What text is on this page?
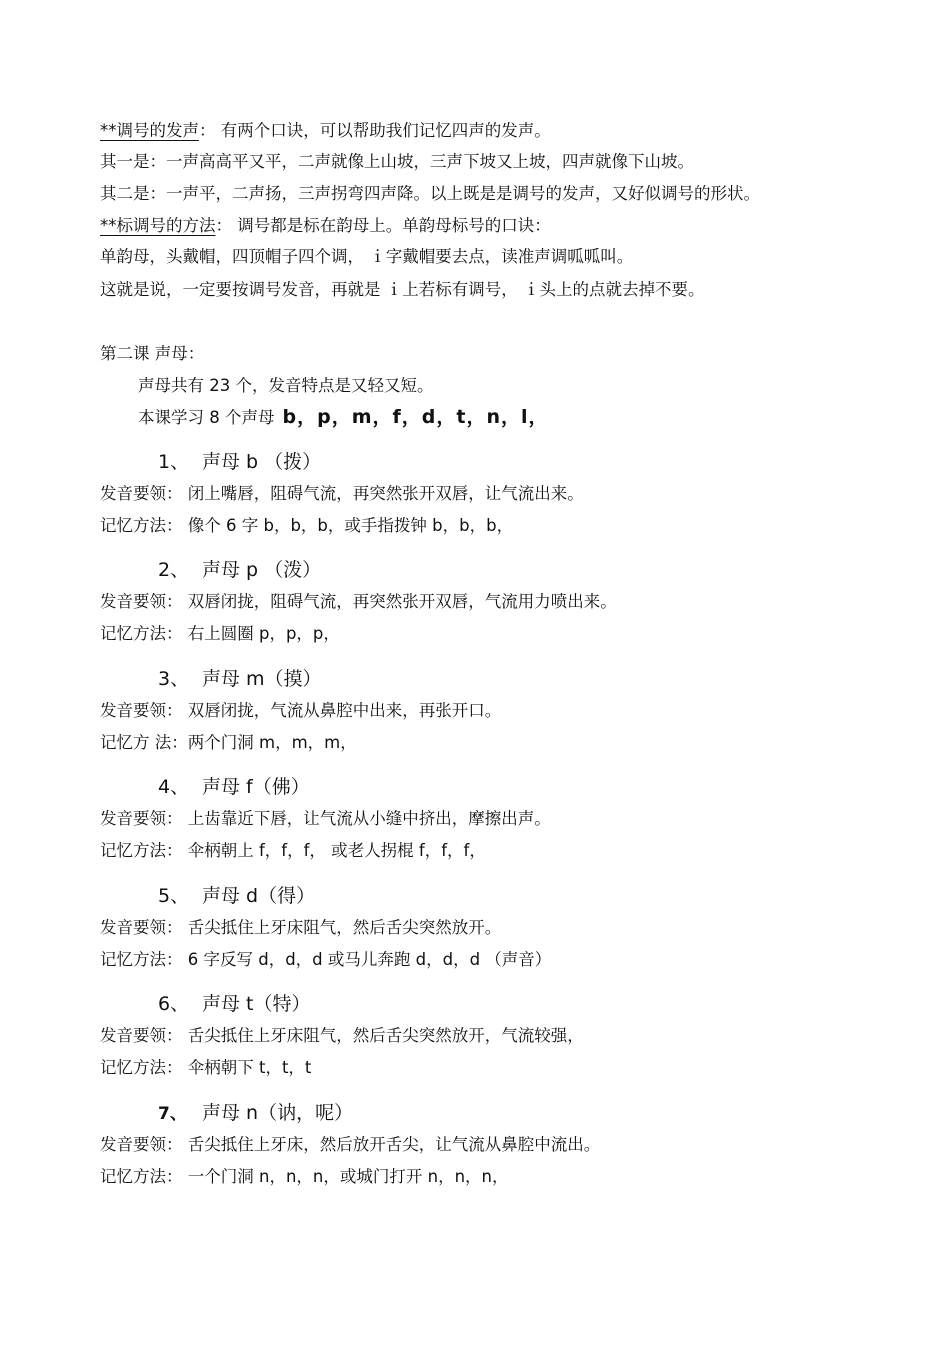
**调号的发声： 有两个口诀，可以帮助我们记忆四声的发声。
其一是：一声高高平又平，二声就像上山坡，三声下坡又上坡，四声就像下山坡。
其二是：一声平，二声扬，三声拐弯四声降。以上既是是调号的发声，又好似调号的形状。
**标调号的方法： 调号都是标在韵母上。单韵母标号的口诀：
单韵母，头戴帽，四顶帽子四个调， ｉ字戴帽要去点，读准声调呱呱叫。
这就是说，一定要按调号发音，再就是 ｉ上若标有调号， ｉ头上的点就去掉不要。
第二课 声母：
声母共有 23 个，发音特点是又轻又短。
本课学习 8 个声母 b，p，m，f，d，t，n，l，
1、 声母 b （拨）
发音要领： 闭上嘴唇，阻碍气流，再突然张开双唇，让气流出来。
记忆方法： 像个 6 字 b，b，b，或手指拨钟 b，b，b，
2、 声母 p （泼）
发音要领： 双唇闭拢，阻碍气流，再突然张开双唇，气流用力喷出来。
记忆方法： 右上圆圈 p，p，p，
3、 声母 m（摸）
发音要领： 双唇闭拢，气流从鼻腔中出来，再张开口。
记忆方 法：两个门洞 m，m，m，
4、 声母 f（佛）
发音要领： 上齿靠近下唇，让气流从小缝中挤出，摩擦出声。
记忆方法： 伞柄朝上 f，f，f， 或老人拐棍 f，f，f，
5、 声母 d（得）
发音要领： 舌尖抵住上牙床阻气，然后舌尖突然放开。
记忆方法： 6 字反写 d，d，d 或马儿奔跑 d，d，d （声音）
6、 声母 t（特）
发音要领： 舌尖抵住上牙床阻气，然后舌尖突然放开，气流较强，
记忆方法： 伞柄朝下 t，t，t
7、 声母 n（讷，呢）
发音要领： 舌尖抵住上牙床，然后放开舌尖，让气流从鼻腔中流出。
记忆方法： 一个门洞 n，n，n，或城门打开 n，n，n，
